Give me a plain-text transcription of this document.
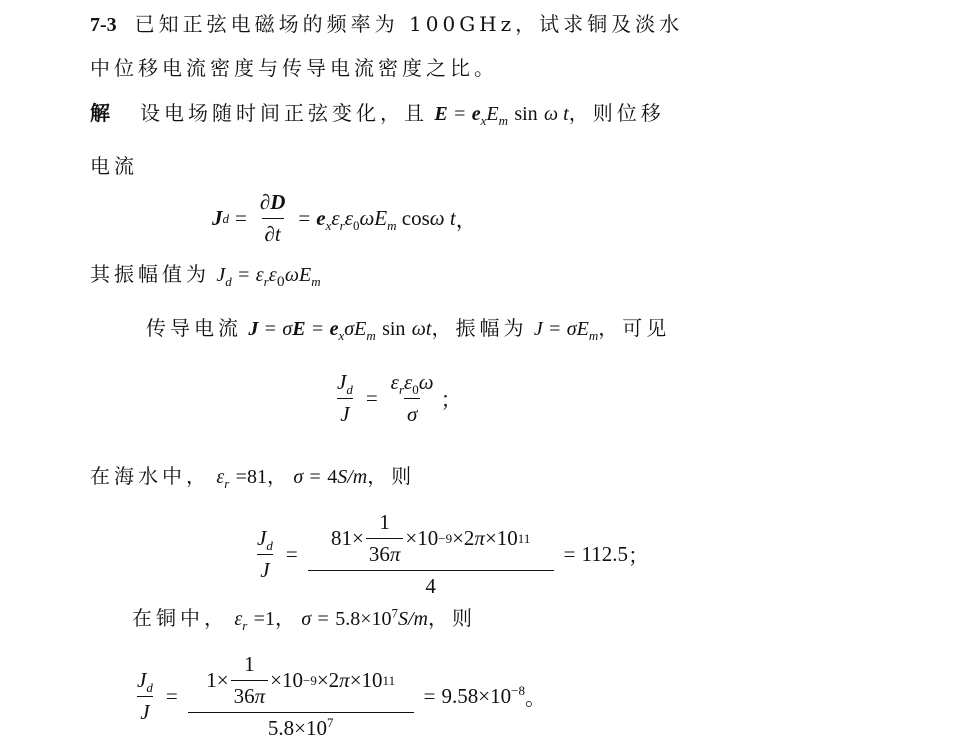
7-3 已知正弦电磁场的频率为 100GHz，试求铜及淡水
中位移电流密度与传导电流密度之比。
解 设电场随时间正弦变化，且 $E = e_xE_m$ sin ω t，则位移
电流
J $d = \frac{\partial D}{\partial t} = e_x\varepsilon_r\varepsilon_0\omega E_m$ cosω t ，
其振幅值为 $J_d = \varepsilon_r\varepsilon_0\omega E_m$
传导电流 $J = \sigma E = e_x\sigma E_m$ sin ωt，振幅为 $J = \sigma E_m$，可见
$\frac{J_d}{J} = \frac{\varepsilon_r\varepsilon_0\omega}{\sigma}$ ；
在海水中， $\varepsilon_r =81$， σ = 4S/m，则
$\frac{J_d}{J} = \frac{81 \times \frac{1}{36\pi} \times 10 -9 \times 2 \pi \times 10 11}{4} = 112.5$ ；
在铜中， $\varepsilon_r =1$， $\sigma = 5.8\times 10^7S/m$，则
$\frac{J_d}{J} = \frac{1 \times \frac{1}{36\pi} \times 10 -9 \times 2 \pi \times 10 11}{5.8\times 10^7} = 9.58\times 10^{-8}$ 。
